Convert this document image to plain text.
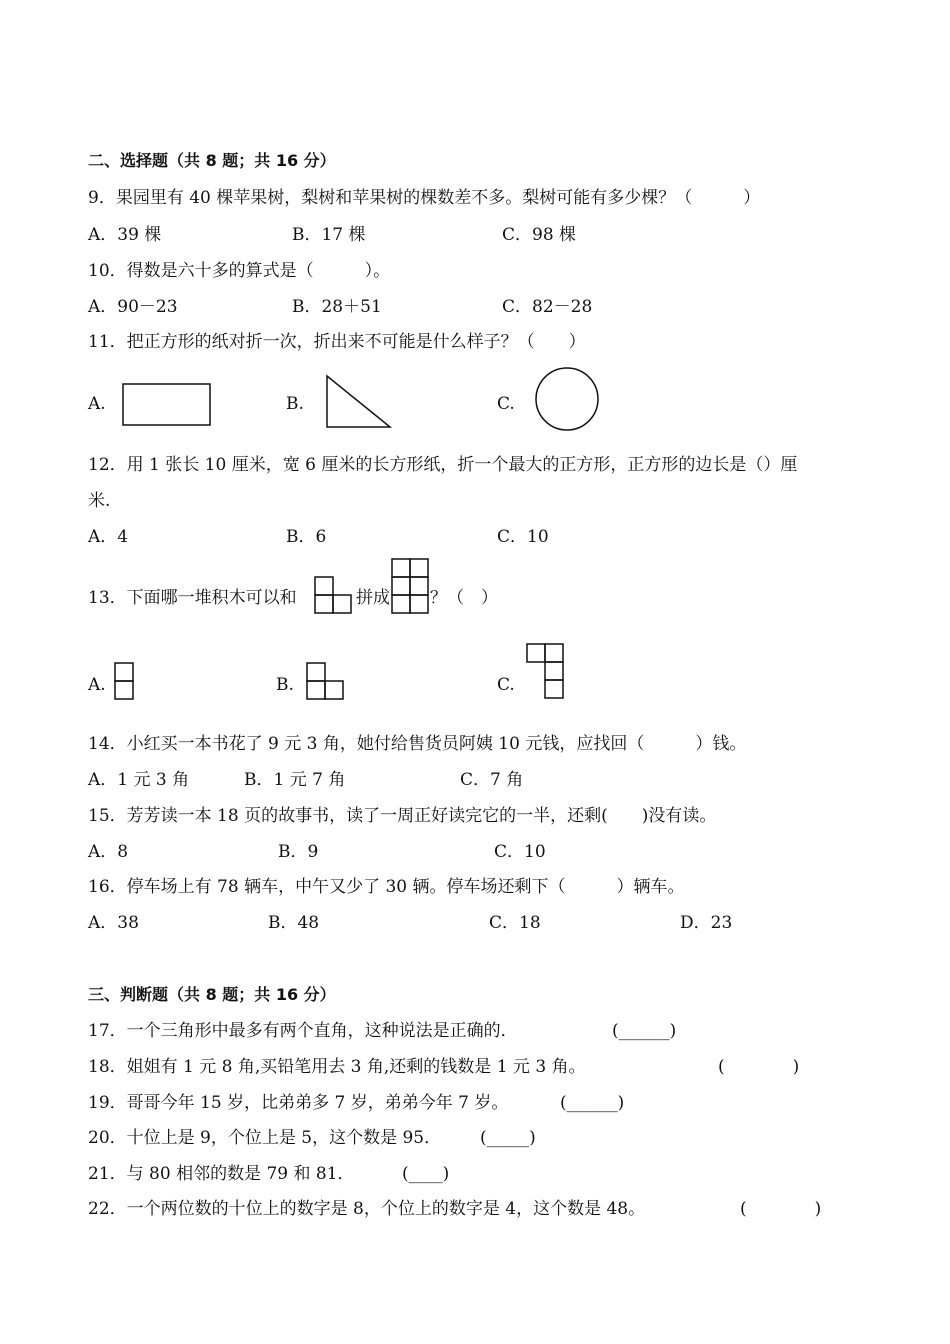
二、选择题（共 8 题；共 16 分）
9．果园里有 40 棵苹果树，梨树和苹果树的棵数差不多。梨树可能有多少棵？（　　　）
A．39 棵	B．17 棵	C．98 棵
10．得数是六十多的算式是（　　　）。
A．90－23	B．28＋51	C．82－28
11．把正方形的纸对折一次，折出来不可能是什么样子？（　　）
A.	B.	C.
12．用 1 张长 10 厘米，宽 6 厘米的长方形纸，折一个最大的正方形，正方形的边长是（）厘
米.
A．4	B．6	C．10
13．下面哪一堆积木可以和	拼成 ？（　）
A.	B.	C.
14．小红买一本书花了 9 元 3 角，她付给售货员阿姨 10 元钱，应找回（　　　）钱。
A．1 元 3 角	B．1 元 7 角	C．7 角
15．芳芳读一本 18 页的故事书，读了一周正好读完它的一半，还剩(　　)没有读。
A．8	B．9	C．10
16．停车场上有 78 辆车，中午又少了 30 辆。停车场还剩下（　　　）辆车。
A．38	B．48	C．18	D．23
三、判断题（共 8 题；共 16 分）
17．一个三角形中最多有两个直角，这种说法是正确的．	(______)
18．姐姐有 1 元 8 角,买铅笔用去 3 角,还剩的钱数是 1 元 3 角。	(　　　　)
19．哥哥今年 15 岁，比弟弟多 7 岁，弟弟今年 7 岁。	(______)
20．十位上是 9，个位上是 5，这个数是 95． (_____)
21．与 80 相邻的数是 79 和 81．	(____)
22．一个两位数的十位上的数字是 8，个位上的数字是 4，这个数是 48。	(　　　　)
